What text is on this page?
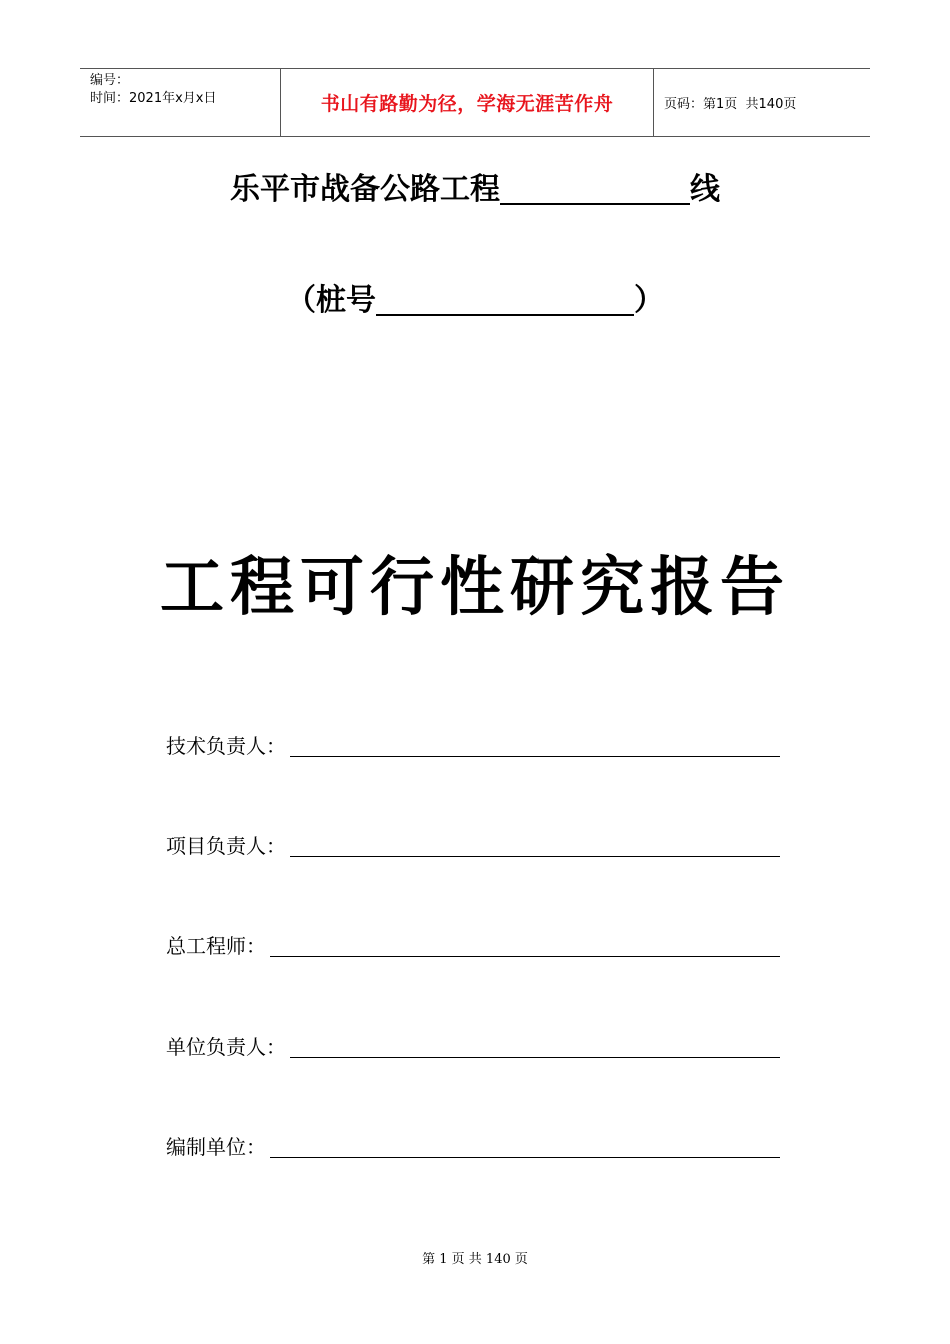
编号：
时间：2021年x月x日	书山有路勤为径，学海无涯苦作舟	页码：第1页  共140页
乐平市战备公路工程	线
（桩号	）
工程可行性研究报告
技术负责人：
项目负责人：
总工程师：
单位负责人：
编制单位：
第 1 页 共 140 页
